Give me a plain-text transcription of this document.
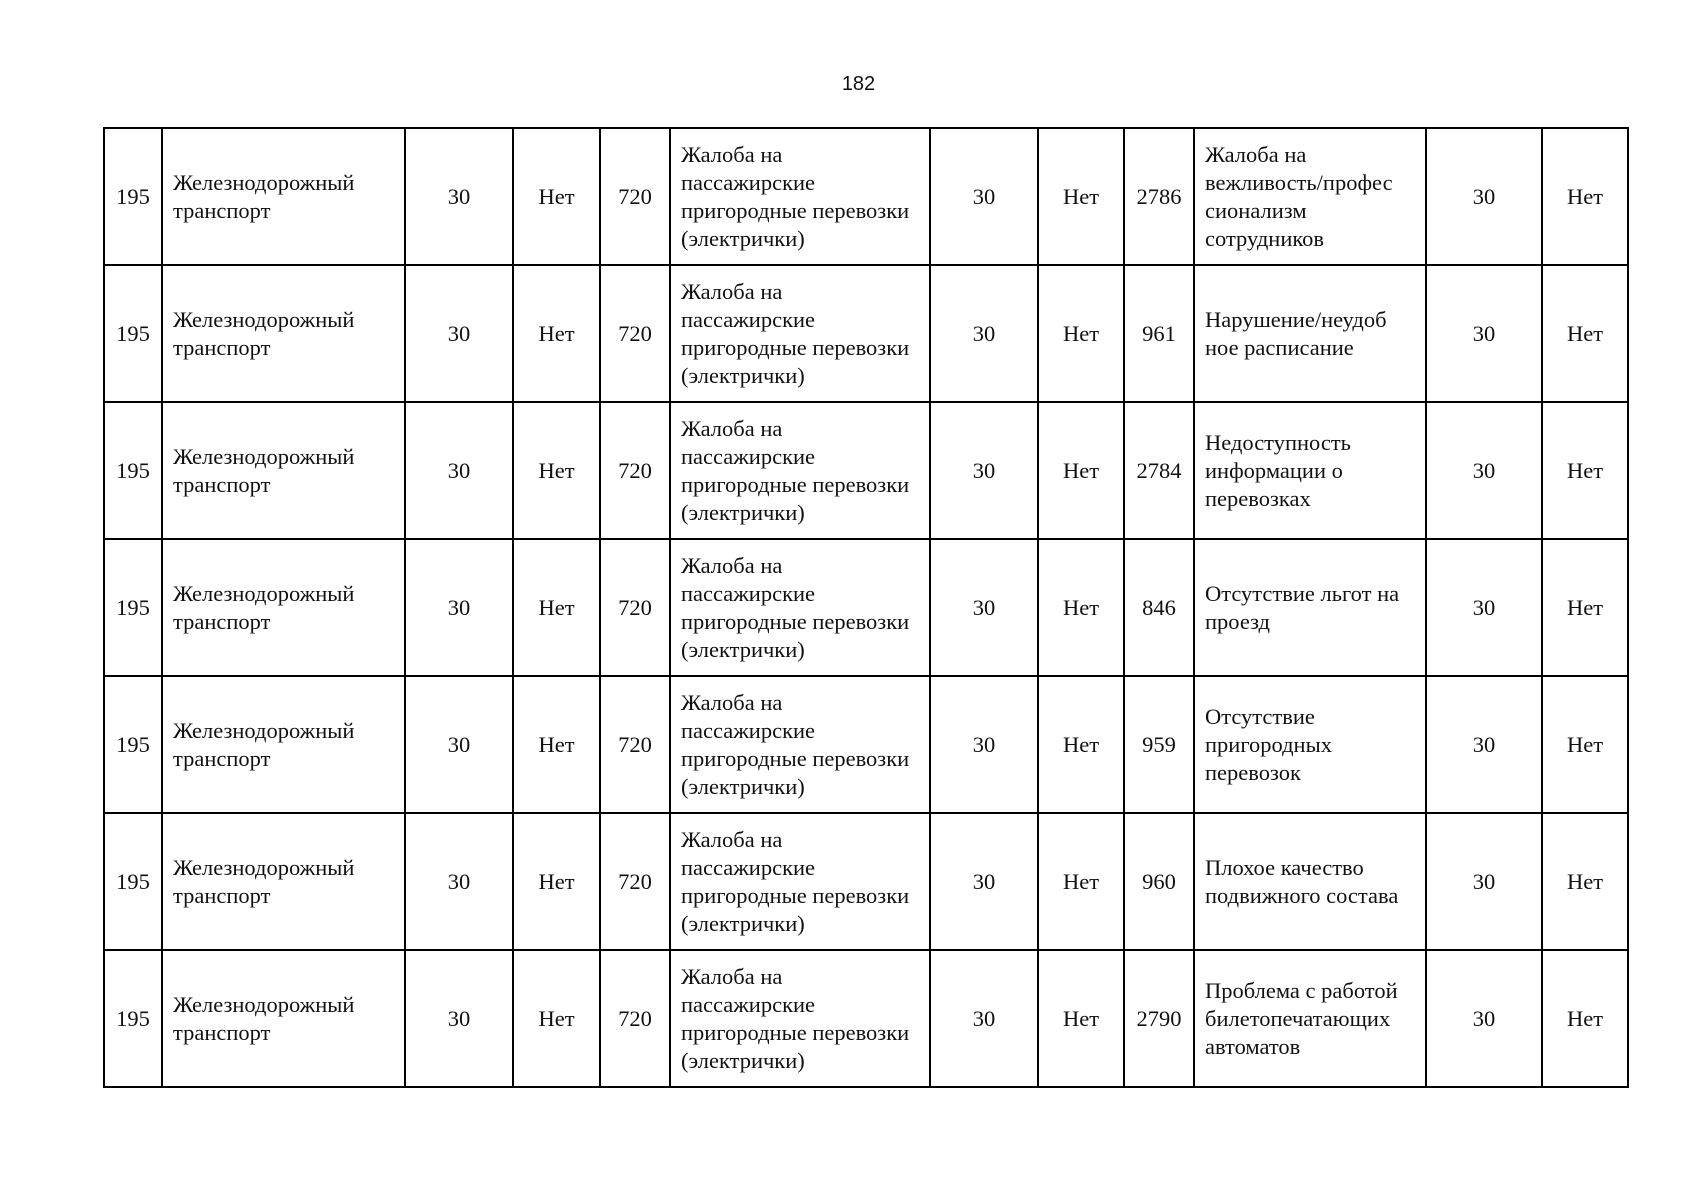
182
195	Железнодорожный транспорт	30	Нет	720	Жалоба на пассажирские пригородные перевозки (электрички)	30	Нет	2786	Жалоба на вежливость/профес сионализм сотрудников	30	Нет
195	Железнодорожный транспорт	30	Нет	720	Жалоба на пассажирские пригородные перевозки (электрички)	30	Нет	961	Нарушение/неудоб ное расписание	30	Нет
195	Железнодорожный транспорт	30	Нет	720	Жалоба на пассажирские пригородные перевозки (электрички)	30	Нет	2784	Недоступность информации о перевозках	30	Нет
195	Железнодорожный транспорт	30	Нет	720	Жалоба на пассажирские пригородные перевозки (электрички)	30	Нет	846	Отсутствие льгот на проезд	30	Нет
195	Железнодорожный транспорт	30	Нет	720	Жалоба на пассажирские пригородные перевозки (электрички)	30	Нет	959	Отсутствие пригородных перевозок	30	Нет
195	Железнодорожный транспорт	30	Нет	720	Жалоба на пассажирские пригородные перевозки (электрички)	30	Нет	960	Плохое качество подвижного состава	30	Нет
195	Железнодорожный транспорт	30	Нет	720	Жалоба на пассажирские пригородные перевозки (электрички)	30	Нет	2790	Проблема с работой билетопечатающих автоматов	30	Нет
